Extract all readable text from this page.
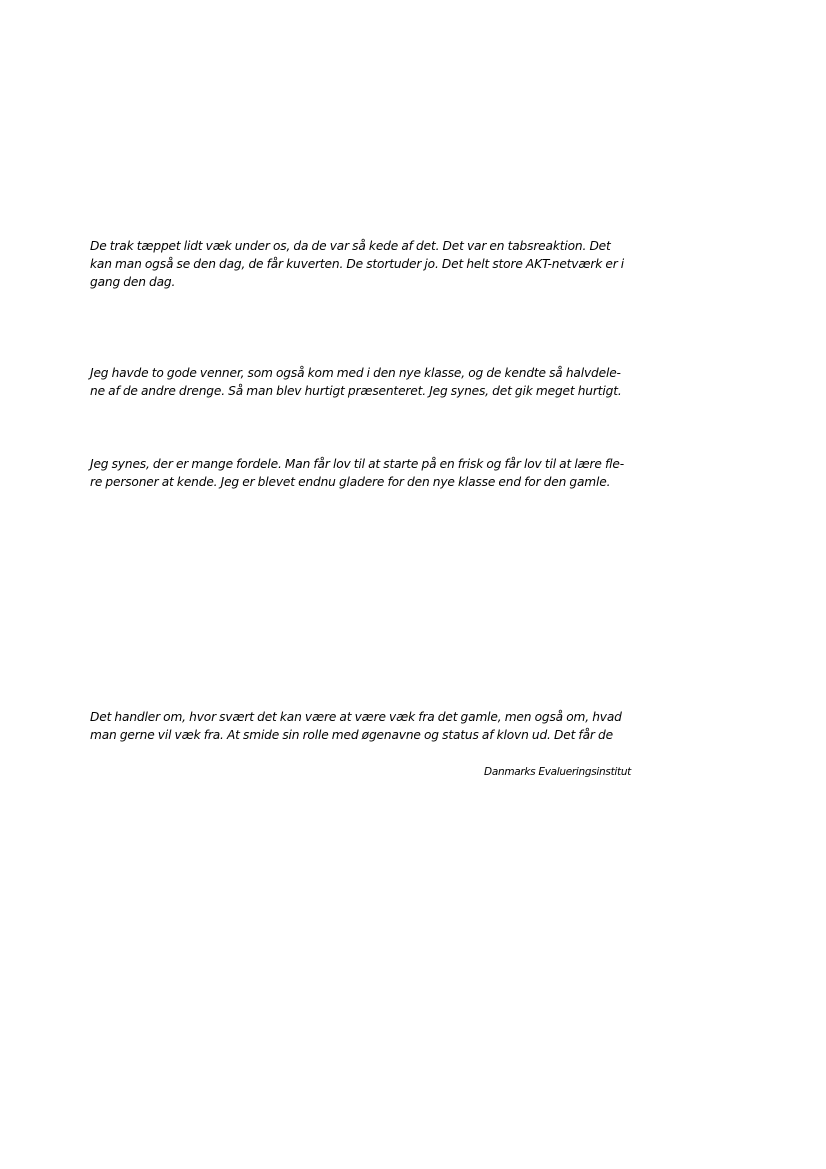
De trak tæppet lidt væk under os, da de var så kede af det. Det var en tabsreaktion. Det
kan man også se den dag, de får kuverten. De stortuder jo. Det helt store AKT-netværk er i
gang den dag.

Jeg havde to gode venner, som også kom med i den nye klasse, og de kendte så halvdele-
ne af de andre drenge. Så man blev hurtigt præsenteret. Jeg synes, det gik meget hurtigt.

Jeg synes, der er mange fordele. Man får lov til at starte på en frisk og får lov til at lære fle-
re personer at kende. Jeg er blevet endnu gladere for den nye klasse end for den gamle.

Det handler om, hvor svært det kan være at være væk fra det gamle, men også om, hvad
man gerne vil væk fra. At smide sin rolle med øgenavne og status af klovn ud. Det får de

Danmarks Evalueringsinstitut
